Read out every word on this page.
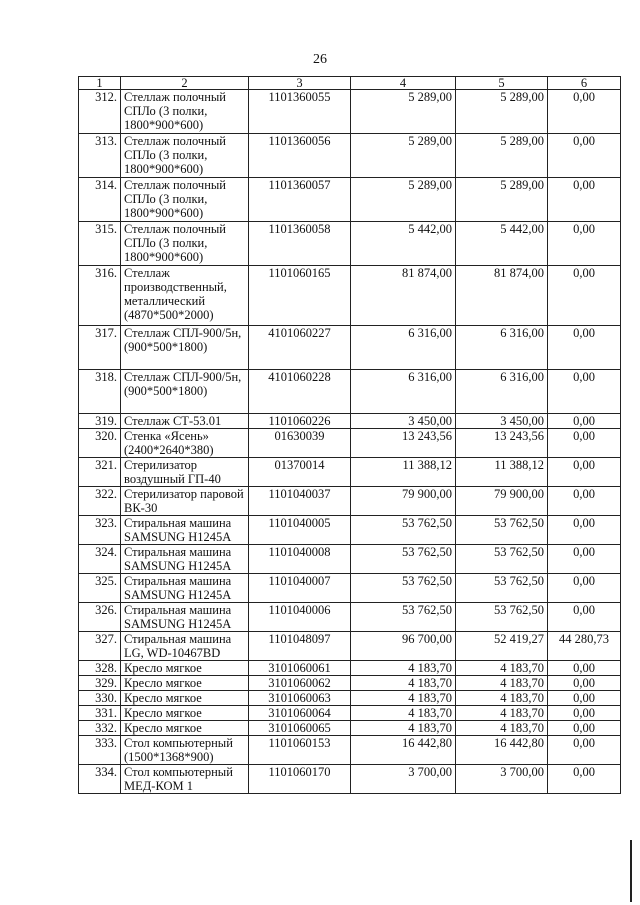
26
1	2	3	4	5	6
312.	Стеллаж полочный СПЛо (3 полки, 1800*900*600)	1101360055	5 289,00	5 289,00	0,00
313.	Стеллаж полочный СПЛо (3 полки, 1800*900*600)	1101360056	5 289,00	5 289,00	0,00
314.	Стеллаж полочный СПЛо (3 полки, 1800*900*600)	1101360057	5 289,00	5 289,00	0,00
315.	Стеллаж полочный СПЛо (3 полки, 1800*900*600)	1101360058	5 442,00	5 442,00	0,00
316.	Стеллаж производственный, металлический (4870*500*2000)	1101060165	81 874,00	81 874,00	0,00
317.	Стеллаж СПЛ-900/5н, (900*500*1800)	4101060227	6 316,00	6 316,00	0,00
318.	Стеллаж СПЛ-900/5н, (900*500*1800)	4101060228	6 316,00	6 316,00	0,00
319.	Стеллаж СТ-53.01	1101060226	3 450,00	3 450,00	0,00
320.	Стенка «Ясень» (2400*2640*380)	01630039	13 243,56	13 243,56	0,00
321.	Стерилизатор воздушный ГП-40	01370014	11 388,12	11 388,12	0,00
322.	Стерилизатор паровой ВК-30	1101040037	79 900,00	79 900,00	0,00
323.	Стиральная машина SAMSUNG H1245A	1101040005	53 762,50	53 762,50	0,00
324.	Стиральная машина SAMSUNG H1245A	1101040008	53 762,50	53 762,50	0,00
325.	Стиральная машина SAMSUNG H1245A	1101040007	53 762,50	53 762,50	0,00
326.	Стиральная машина SAMSUNG H1245A	1101040006	53 762,50	53 762,50	0,00
327.	Стиральная машина LG, WD-10467BD	1101048097	96 700,00	52 419,27	44 280,73
328.	Кресло мягкое	3101060061	4 183,70	4 183,70	0,00
329.	Кресло мягкое	3101060062	4 183,70	4 183,70	0,00
330.	Кресло мягкое	3101060063	4 183,70	4 183,70	0,00
331.	Кресло мягкое	3101060064	4 183,70	4 183,70	0,00
332.	Кресло мягкое	3101060065	4 183,70	4 183,70	0,00
333.	Стол компьютерный (1500*1368*900)	1101060153	16 442,80	16 442,80	0,00
334.	Стол компьютерный МЕД-КОМ 1	1101060170	3 700,00	3 700,00	0,00
